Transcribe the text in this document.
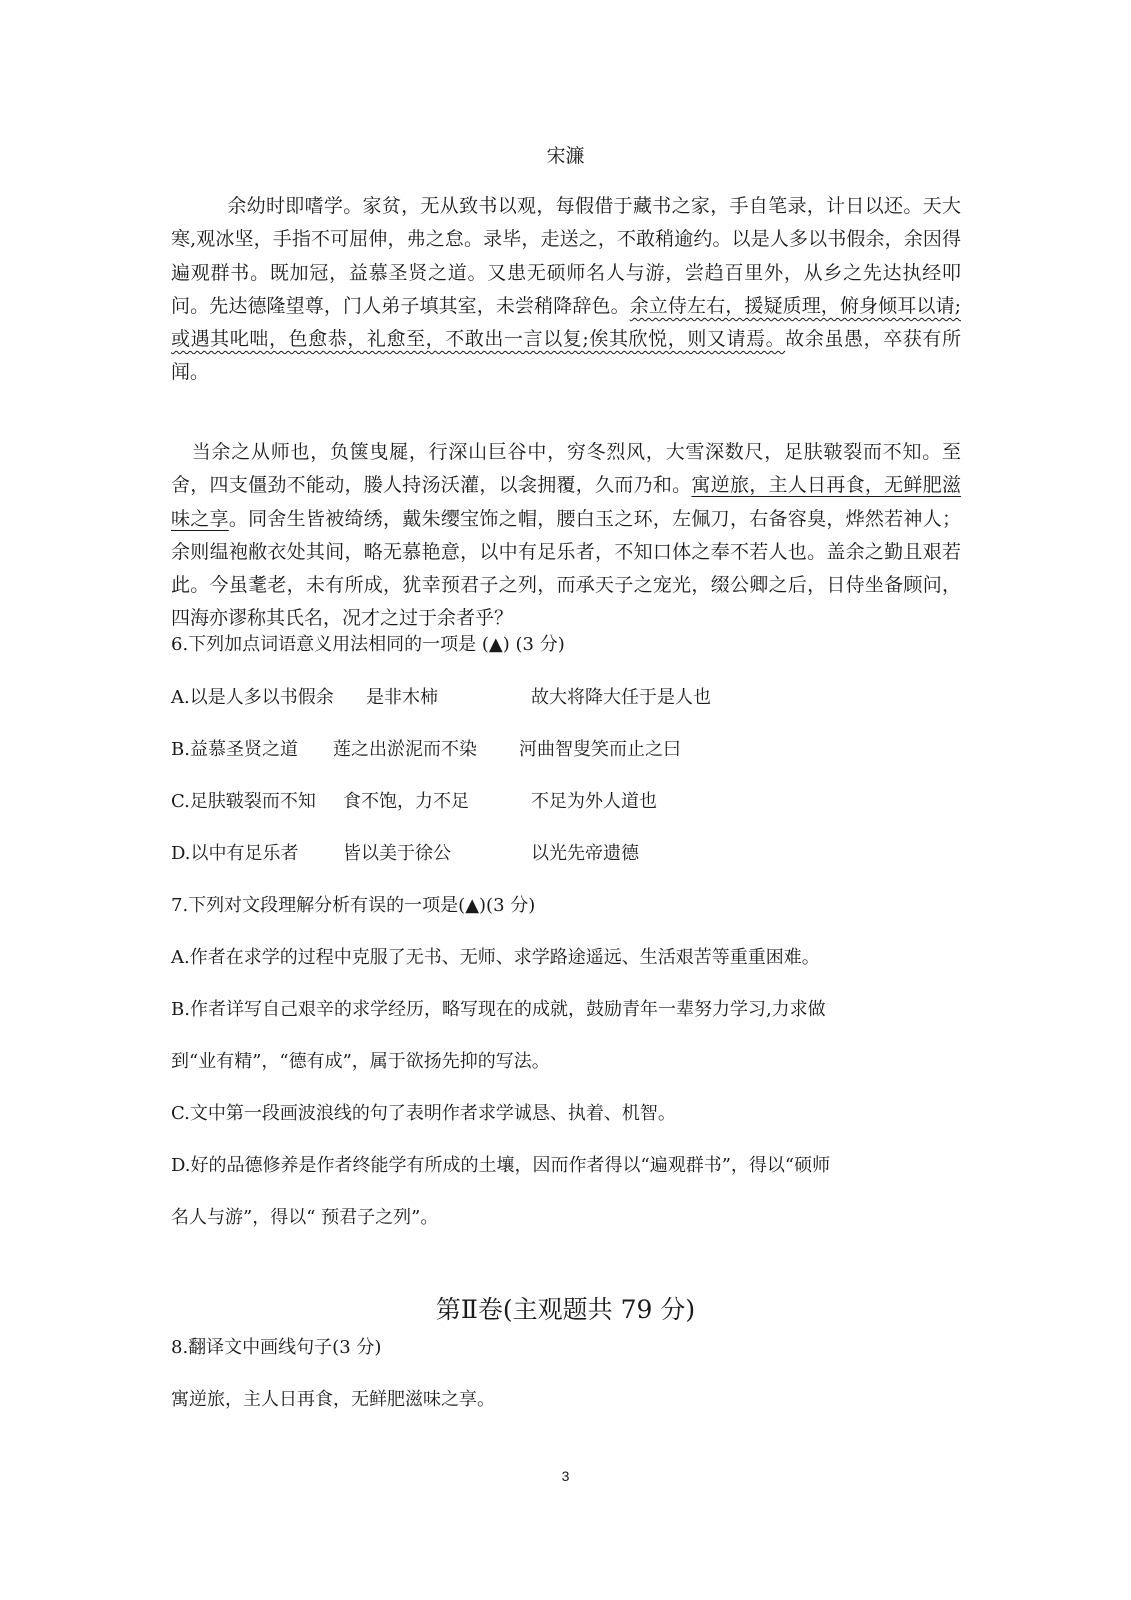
宋濂

余幼时即嗜学。家贫，无从致书以观，每假借于藏书之家，手自笔录，计日以还。天大寒,观冰坚，手指不可屈伸，弗之怠。录毕，走送之，不敢稍逾约。以是人多以书假余，余因得遍观群书。既加冠，益慕圣贤之道。又患无硕师名人与游，尝趋百里外，从乡之先达执经叩问。先达德隆望尊，门人弟子填其室，未尝稍降辞色。余立侍左右，援疑质理，俯身倾耳以请;或遇其叱咄，色愈恭，礼愈至，不敢出一言以复;俟其欣悦，则又请焉。故余虽愚，卒获有所闻。

当余之从师也，负箧曳屣，行深山巨谷中，穷冬烈风，大雪深数尺，足肤皲裂而不知。至舍，四支僵劲不能动，媵人持汤沃灌，以衾拥覆，久而乃和。寓逆旅，主人日再食，无鲜肥滋味之享。同舍生皆被绮绣，戴朱缨宝饰之帽，腰白玉之环，左佩刀，右备容臭，烨然若神人；余则缊袍敝衣处其间，略无慕艳意，以中有足乐者，不知口体之奉不若人也。盖余之勤且艰若此。今虽耄老，未有所成，犹幸预君子之列，而承天子之宠光，缀公卿之后，日侍坐备顾问，四海亦谬称其氏名，况才之过于余者乎？

6.下列加点词语意义用法相同的一项是 (▲) (3 分)
A.以是人多以书假余 是非木柿	故大将降大任于是人也
B.益慕圣贤之道 莲之出淤泥而不染 河曲智叟笑而止之曰
C.足肤皲裂而不知 食不饱，力不足	不足为外人道也
D.以中有足乐者 皆以美于徐公	以光先帝遗德
7.下列对文段理解分析有误的一项是(▲)(3 分)
A.作者在求学的过程中克服了无书、无师、求学路途遥远、生活艰苦等重重困难。
B.作者详写自己艰辛的求学经历，略写现在的成就，鼓励青年一辈努力学习,力求做
到“业有精”，“德有成”，属于欲扬先抑的写法。
C.文中第一段画波浪线的句了表明作者求学诚恳、执着、机智。
D.好的品德修养是作者终能学有所成的土壤，因而作者得以“遍观群书”，得以“硕师
名人与游”，得以“ 预君子之列”。
第Ⅱ卷(主观题共 79 分)
8.翻译文中画线句子(3 分)
寓逆旅，主人日再食，无鲜肥滋味之享。
3
